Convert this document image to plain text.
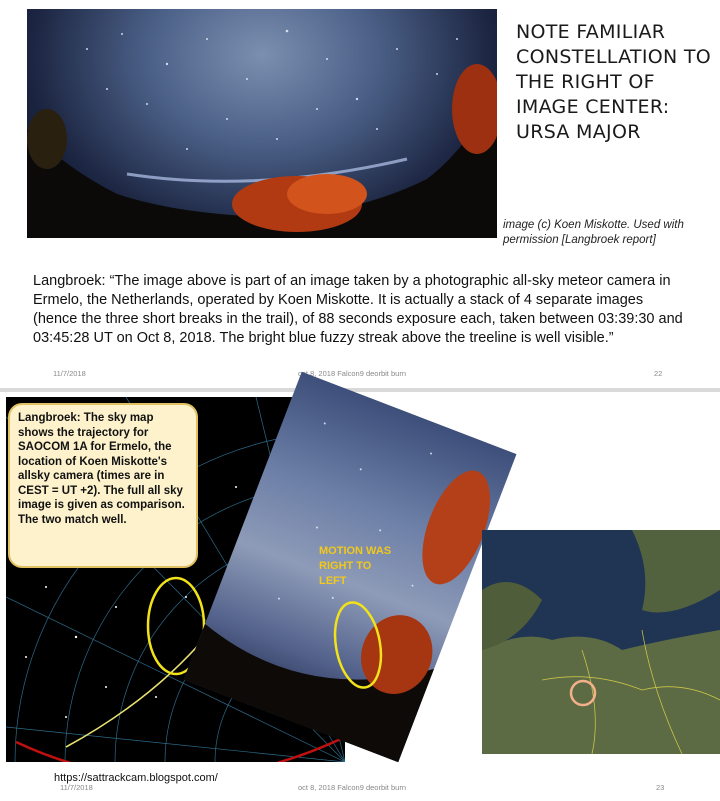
NOTE FAMILIAR CONSTELLATION TO THE RIGHT OF IMAGE CENTER: URSA MAJOR
image (c) Koen Miskotte. Used with permission [Langbroek report]
Langbroek: “The image above is part of an image taken by a photographic all-sky meteor camera in Ermelo, the Netherlands, operated by Koen Miskotte. It is actually a stack of 4 separate images (hence the three short breaks in the trail), of 88 seconds exposure each, taken between 03:39:30 and 03:45:28 UT on Oct 8, 2018. The bright blue fuzzy streak above the treeline is well visible.”
11/7/2018	oct 8, 2018 Falcon9 deorbit burn	22
Langbroek: The sky map shows the trajectory for SAOCOM 1A for Ermelo, the location of Koen Miskotte's allsky camera (times are in CEST = UT +2). The full all sky image is given as comparison. The two match well.
MOTION WAS RIGHT TO LEFT
https://sattrackcam.blogspot.com/
11/7/2018	oct 8, 2018 Falcon9 deorbit burn	23
